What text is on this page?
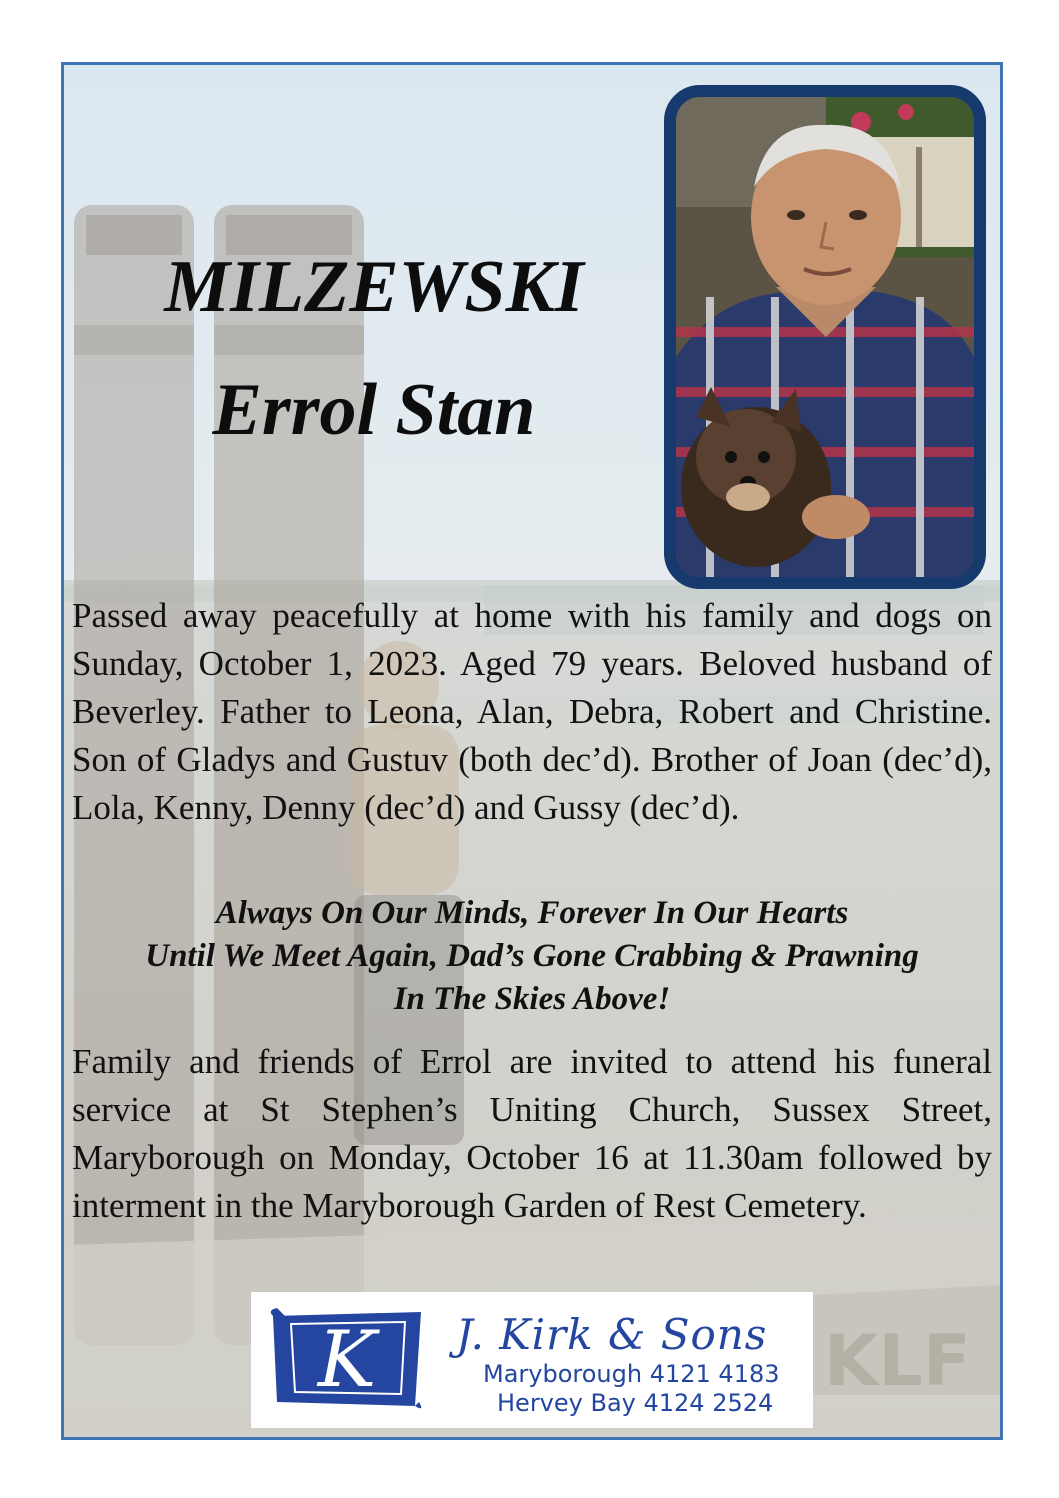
KLF
MILZEWSKI
Errol Stan

Passed away peacefully at home with his family and dogs on Sunday, October 1, 2023. Aged 79 years. Beloved husband of Beverley. Father to Leona, Alan, Debra, Robert and Christine. Son of Gladys and Gustuv (both dec’d). Brother of Joan (dec’d), Lola, Kenny, Denny (dec’d) and Gussy (dec’d).

Always On Our Minds, Forever In Our Hearts
Until We Meet Again, Dad’s Gone Crabbing & Prawning
In The Skies Above!

Family and friends of Errol are invited to attend his funeral service at St Stephen’s Uniting Church, Sussex Street, Maryborough on Monday, October 16 at 11.30am followed by interment in the Maryborough Garden of Rest Cemetery.

K J. Kirk & Sons
Maryborough 4121 4183
Hervey Bay 4124 2524
